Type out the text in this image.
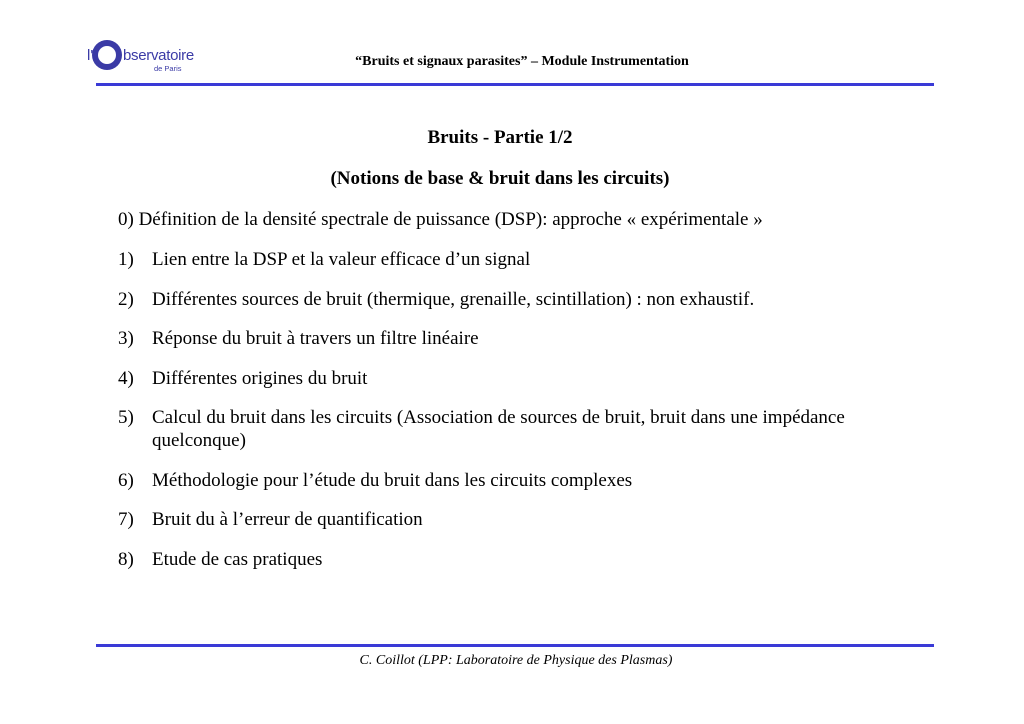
l' bservatoire
de Paris	“Bruits et signaux parasites” – Module Instrumentation
Bruits - Partie 1/2
(Notions de base & bruit dans les circuits)
0) Définition de la densité spectrale de puissance (DSP): approche « expérimentale »
1) Lien entre la DSP et la valeur efficace d’un signal
2) Différentes sources de bruit (thermique, grenaille, scintillation) : non exhaustif.
3) Réponse du bruit à travers un filtre linéaire
4) Différentes origines du bruit
5) Calcul du bruit dans les circuits (Association de sources de bruit, bruit dans une impédance quelconque)
6) Méthodologie pour l’étude du bruit dans les circuits complexes
7) Bruit du à l’erreur de quantification
8) Etude de cas pratiques
C. Coillot (LPP: Laboratoire de Physique des Plasmas)
